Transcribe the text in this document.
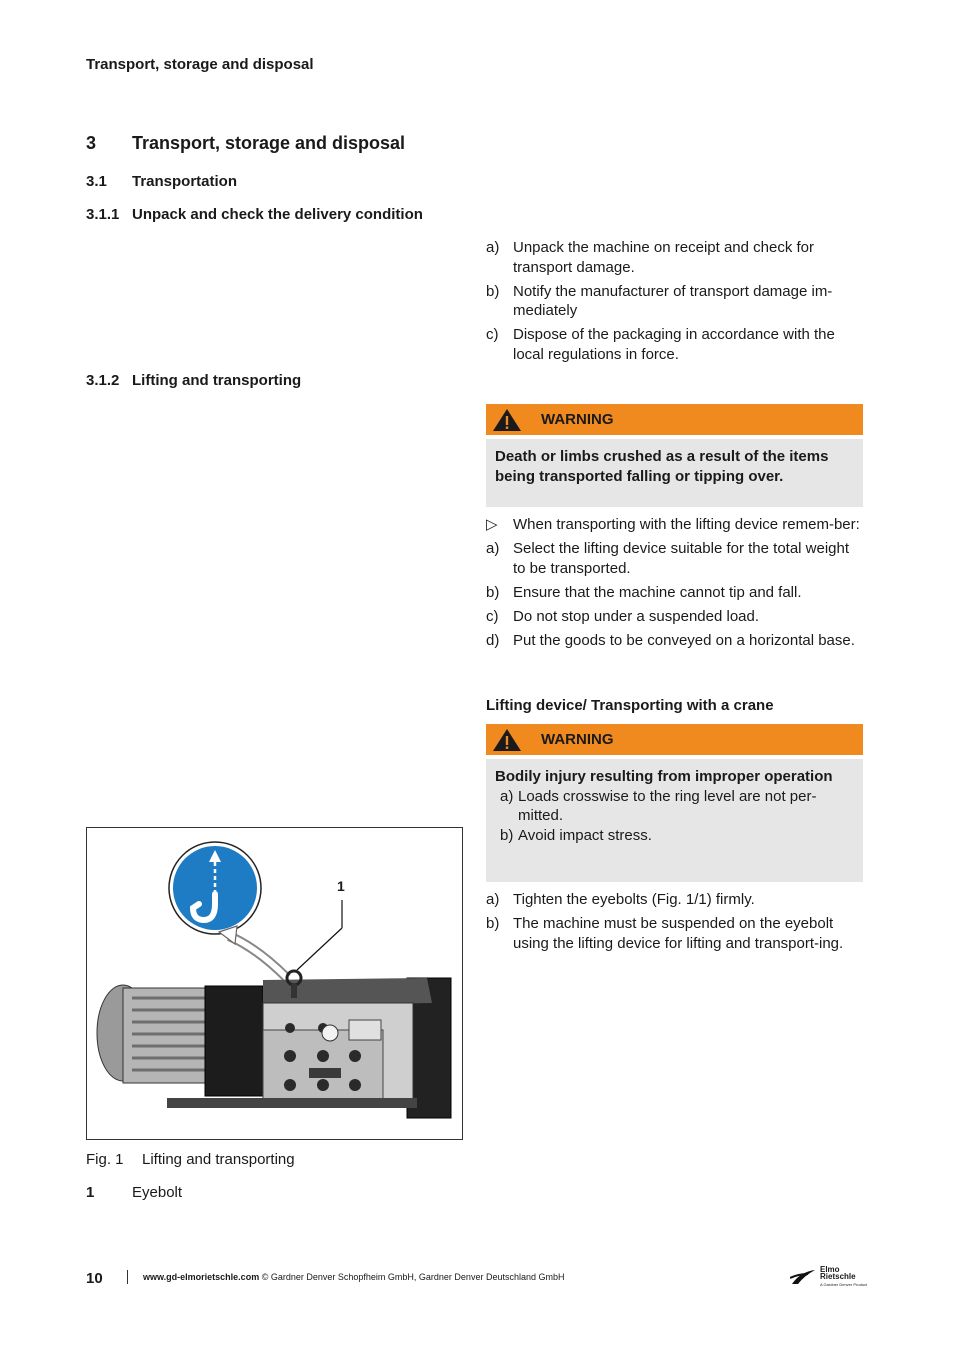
Transport, storage and disposal
3 Transport, storage and disposal
3.1 Transportation
3.1.1 Unpack and check the delivery condition
3.1.2 Lifting and transporting
a) Unpack the machine on receipt and check for transport damage.
b) Notify the manufacturer of transport damage im-mediately
c) Dispose of the packaging in accordance with the local regulations in force.
WARNING
Death or limbs crushed as a result of the items being transported falling or tipping over.
▷	When transporting with the lifting device remem-ber:
a) Select the lifting device suitable for the total weight to be transported.
b) Ensure that the machine cannot tip and fall.
c) Do not stop under a suspended load.
d) Put the goods to be conveyed on a horizontal base.
Lifting device/ Transporting with a crane
WARNING
Bodily injury resulting from improper operation
a) Loads crosswise to the ring level are not per-mitted.
b) Avoid impact stress.
a) Tighten the eyebolts (Fig. 1/1) firmly.
b) The machine must be suspended on the eyebolt using the lifting device for lifting and transport-ing.
1
Fig. 1 Lifting and transporting
1	Eyebolt
10	www.gd-elmorietschle.com © Gardner Denver Schopfheim GmbH, Gardner Denver Deutschland GmbH
Elmo
Rietschle
A Gardner Denver Product
